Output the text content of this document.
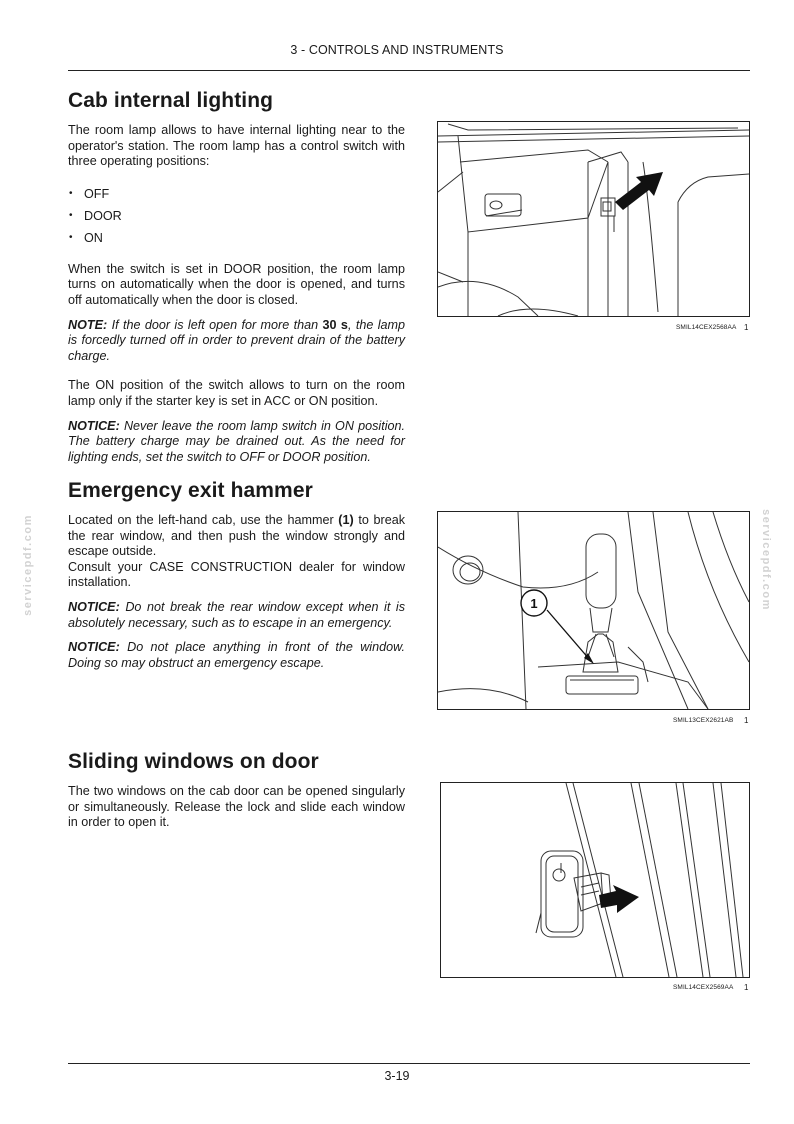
3 - CONTROLS AND INSTRUMENTS
servicepdf.com	servicepdf.com
Cab internal lighting

The room lamp allows to have internal lighting near to the operator's station. The room lamp has a control switch with three operating positions:

• OFF
• DOOR
• ON

When the switch is set in DOOR position, the room lamp turns on automatically when the door is opened, and turns off automatically when the door is closed.

NOTE: If the door is left open for more than 30 s, the lamp is forcedly turned off in order to prevent drain of the battery charge.

The ON position of the switch allows to turn on the room lamp only if the starter key is set in ACC or ON position.

NOTICE: Never leave the room lamp switch in ON position. The battery charge may be drained out. As the need for lighting ends, set the switch to OFF or DOOR position.

SMIL14CEX2568AA 1
Emergency exit hammer

Located on the left-hand cab, use the hammer (1) to break the rear window, and then push the window strongly and escape outside.

Consult your CASE CONSTRUCTION dealer for window installation.

NOTICE: Do not break the rear window except when it is absolutely necessary, such as to escape in an emergency.

NOTICE: Do not place anything in front of the window. Doing so may obstruct an emergency escape.

1
SMIL13CEX2621AB 1
Sliding windows on door

The two windows on the cab door can be opened singularly or simultaneously. Release the lock and slide each window in order to open it.

SMIL14CEX2569AA 1
3-19
